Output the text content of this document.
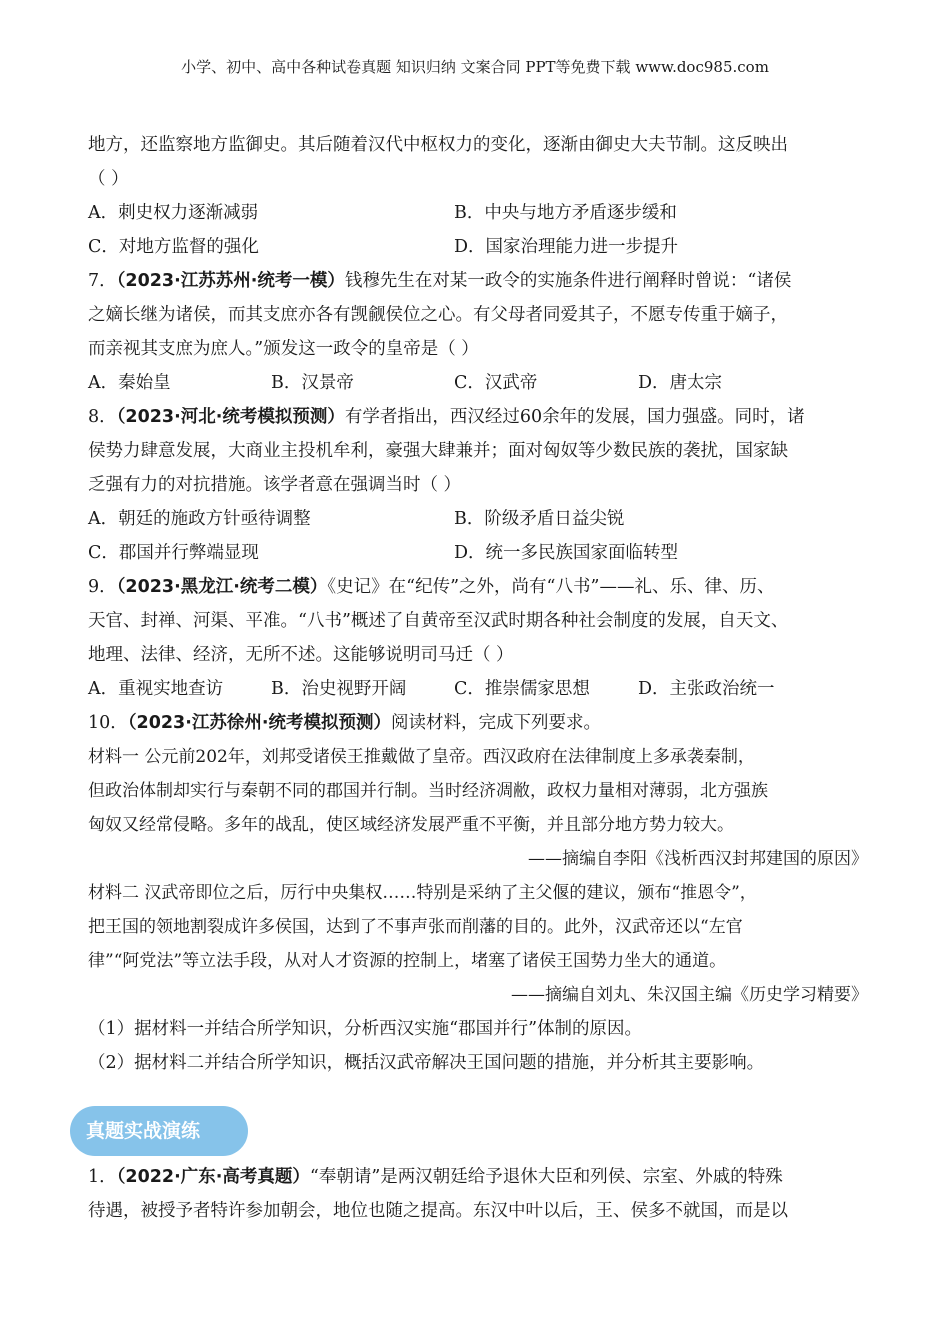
小学、初中、高中各种试卷真题 知识归纳 文案合同 PPT等免费下载 www.doc985.com
地方，还监察地方监御史。其后随着汉代中枢权力的变化，逐渐由御史大夫节制。这反映出
（ ）
A．刺史权力逐渐减弱	B．中央与地方矛盾逐步缓和
C．对地方监督的强化	D．国家治理能力进一步提升
7．（2023·江苏苏州·统考一模）钱穆先生在对某一政令的实施条件进行阐释时曾说：“诸侯
之嫡长继为诸侯，而其支庶亦各有觊觎侯位之心。有父母者同爱其子，不愿专传重于嫡子，
而亲视其支庶为庶人。”颁发这一政令的皇帝是（ ）
A．秦始皇	B．汉景帝	C．汉武帝	D．唐太宗
8．（2023·河北·统考模拟预测）有学者指出，西汉经过60余年的发展，国力强盛。同时，诸
侯势力肆意发展，大商业主投机牟利，豪强大肆兼并；面对匈奴等少数民族的袭扰，国家缺
乏强有力的对抗措施。该学者意在强调当时（ ）
A．朝廷的施政方针亟待调整	B．阶级矛盾日益尖锐
C．郡国并行弊端显现	D．统一多民族国家面临转型
9．（2023·黑龙江·统考二模）《史记》在“纪传”之外，尚有“八书”——礼、乐、律、历、
天官、封禅、河渠、平准。“八书”概述了自黄帝至汉武时期各种社会制度的发展，自天文、
地理、法律、经济，无所不述。这能够说明司马迁（ ）
A．重视实地查访	B．治史视野开阔	C．推崇儒家思想	D．主张政治统一
10．（2023·江苏徐州·统考模拟预测）阅读材料，完成下列要求。
材料一 公元前202年，刘邦受诸侯王推戴做了皇帝。西汉政府在法律制度上多承袭秦制，
但政治体制却实行与秦朝不同的郡国并行制。当时经济凋敝，政权力量相对薄弱，北方强族
匈奴又经常侵略。多年的战乱，使区域经济发展严重不平衡，并且部分地方势力较大。
——摘编自李阳《浅析西汉封邦建国的原因》
材料二 汉武帝即位之后，厉行中央集权……特别是采纳了主父偃的建议，颁布“推恩令”，
把王国的领地割裂成许多侯国，达到了不事声张而削藩的目的。此外，汉武帝还以“左官
律”“阿党法”等立法手段，从对人才资源的控制上，堵塞了诸侯王国势力坐大的通道。
——摘编自刘丸、朱汉国主编《历史学习精要》
（1）据材料一并结合所学知识，分析西汉实施“郡国并行”体制的原因。
（2）据材料二并结合所学知识，概括汉武帝解决王国问题的措施，并分析其主要影响。
真题实战演练
1．（2022·广东·高考真题）“奉朝请”是两汉朝廷给予退休大臣和列侯、宗室、外戚的特殊
待遇，被授予者特许参加朝会，地位也随之提高。东汉中叶以后，王、侯多不就国，而是以
